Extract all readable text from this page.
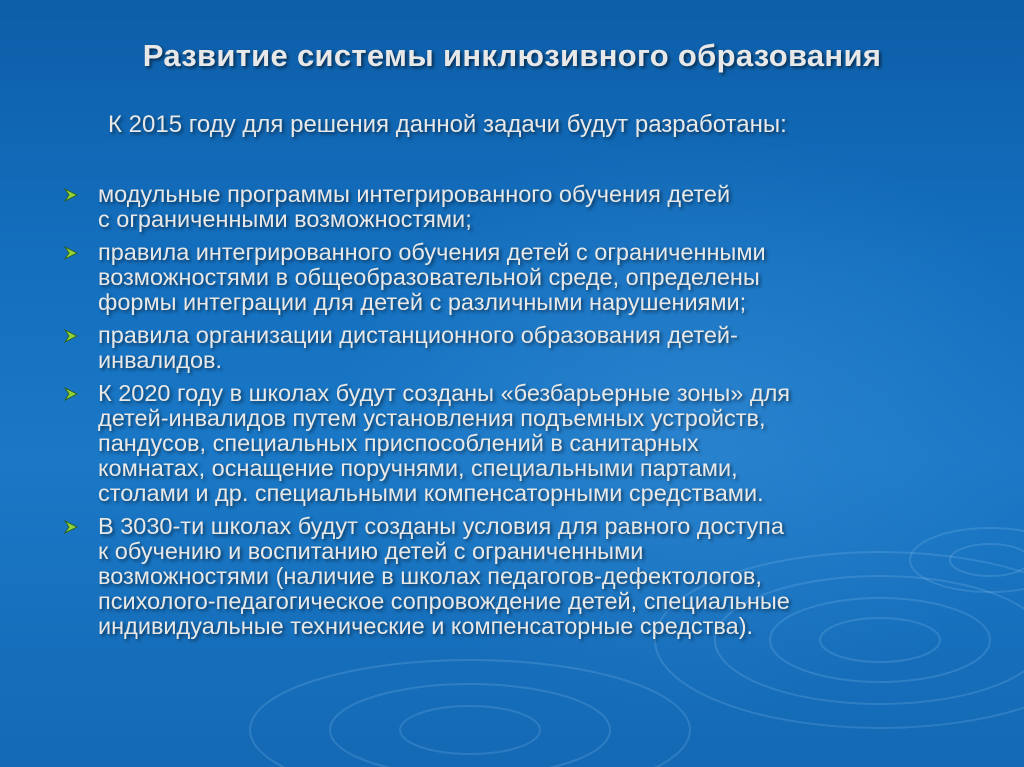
Развитие системы инклюзивного образования
К 2015 году для решения данной задачи будут разработаны:
модульные программы интегрированного обучения детей
с ограниченными возможностями;
правила интегрированного обучения детей с ограниченными
возможностями в общеобразовательной среде, определены
формы интеграции для детей с различными нарушениями;
правила организации дистанционного образования детей-
инвалидов.
К 2020 году в школах будут созданы «безбарьерные зоны» для
детей-инвалидов путем установления подъемных устройств,
пандусов, специальных приспособлений в санитарных
комнатах, оснащение поручнями, специальными партами,
столами и др. специальными компенсаторными средствами.
В 3030-ти школах будут созданы условия для равного доступа
к обучению и воспитанию детей с ограниченными
возможностями (наличие в школах педагогов-дефектологов,
психолого-педагогическое сопровождение детей, специальные
индивидуальные технические и компенсаторные средства).
